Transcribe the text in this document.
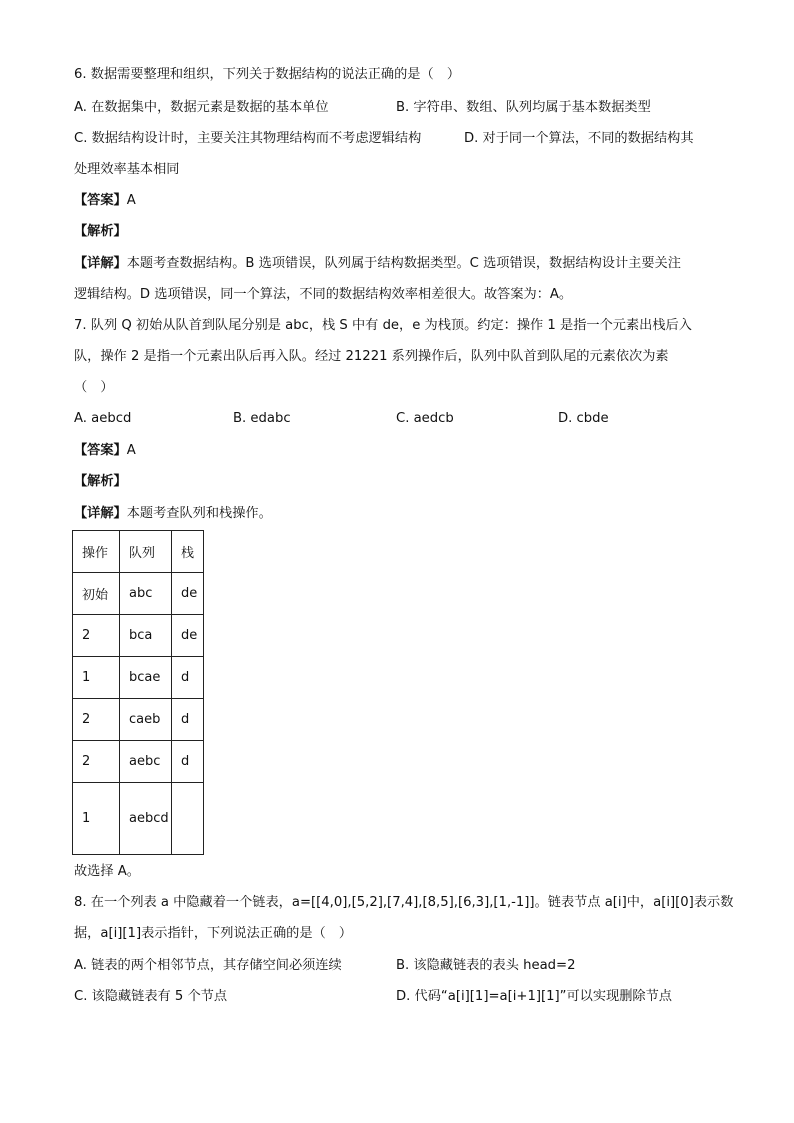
6. 数据需要整理和组织，下列关于数据结构的说法正确的是（　）
A. 在数据集中，数据元素是数据的基本单位	B. 字符串、数组、队列均属于基本数据类型
C. 数据结构设计时，主要关注其物理结构而不考虑逻辑结构	D. 对于同一个算法，不同的数据结构其
处理效率基本相同
【答案】A
【解析】
【详解】本题考查数据结构。B 选项错误，队列属于结构数据类型。C 选项错误，数据结构设计主要关注
逻辑结构。D 选项错误，同一个算法，不同的数据结构效率相差很大。故答案为：A。
7. 队列 Q 初始从队首到队尾分别是 abc，栈 S 中有 de，e 为栈顶。约定：操作 1 是指一个元素出栈后入
队，操作 2 是指一个元素出队后再入队。经过 21221 系列操作后，队列中队首到队尾的元素依次为素
（　）
A. aebcd	B. edabc	C. aedcb	D. cbde
【答案】A
【解析】
【详解】本题考查队列和栈操作。
操作	队列	栈
初始	abc	de
2	bca	de
1	bcae	d
2	caeb	d
2	aebc	d
1	aebcd	
故选择 A。
8. 在一个列表 a 中隐藏着一个链表，a=[[4,0],[5,2],[7,4],[8,5],[6,3],[1,-1]]。链表节点 a[i]中，a[i][0]表示数
据，a[i][1]表示指针，下列说法正确的是（　）
A. 链表的两个相邻节点，其存储空间必须连续	B. 该隐藏链表的表头 head=2
C. 该隐藏链表有 5 个节点	D. 代码“a[i][1]=a[i+1][1]”可以实现删除节点
